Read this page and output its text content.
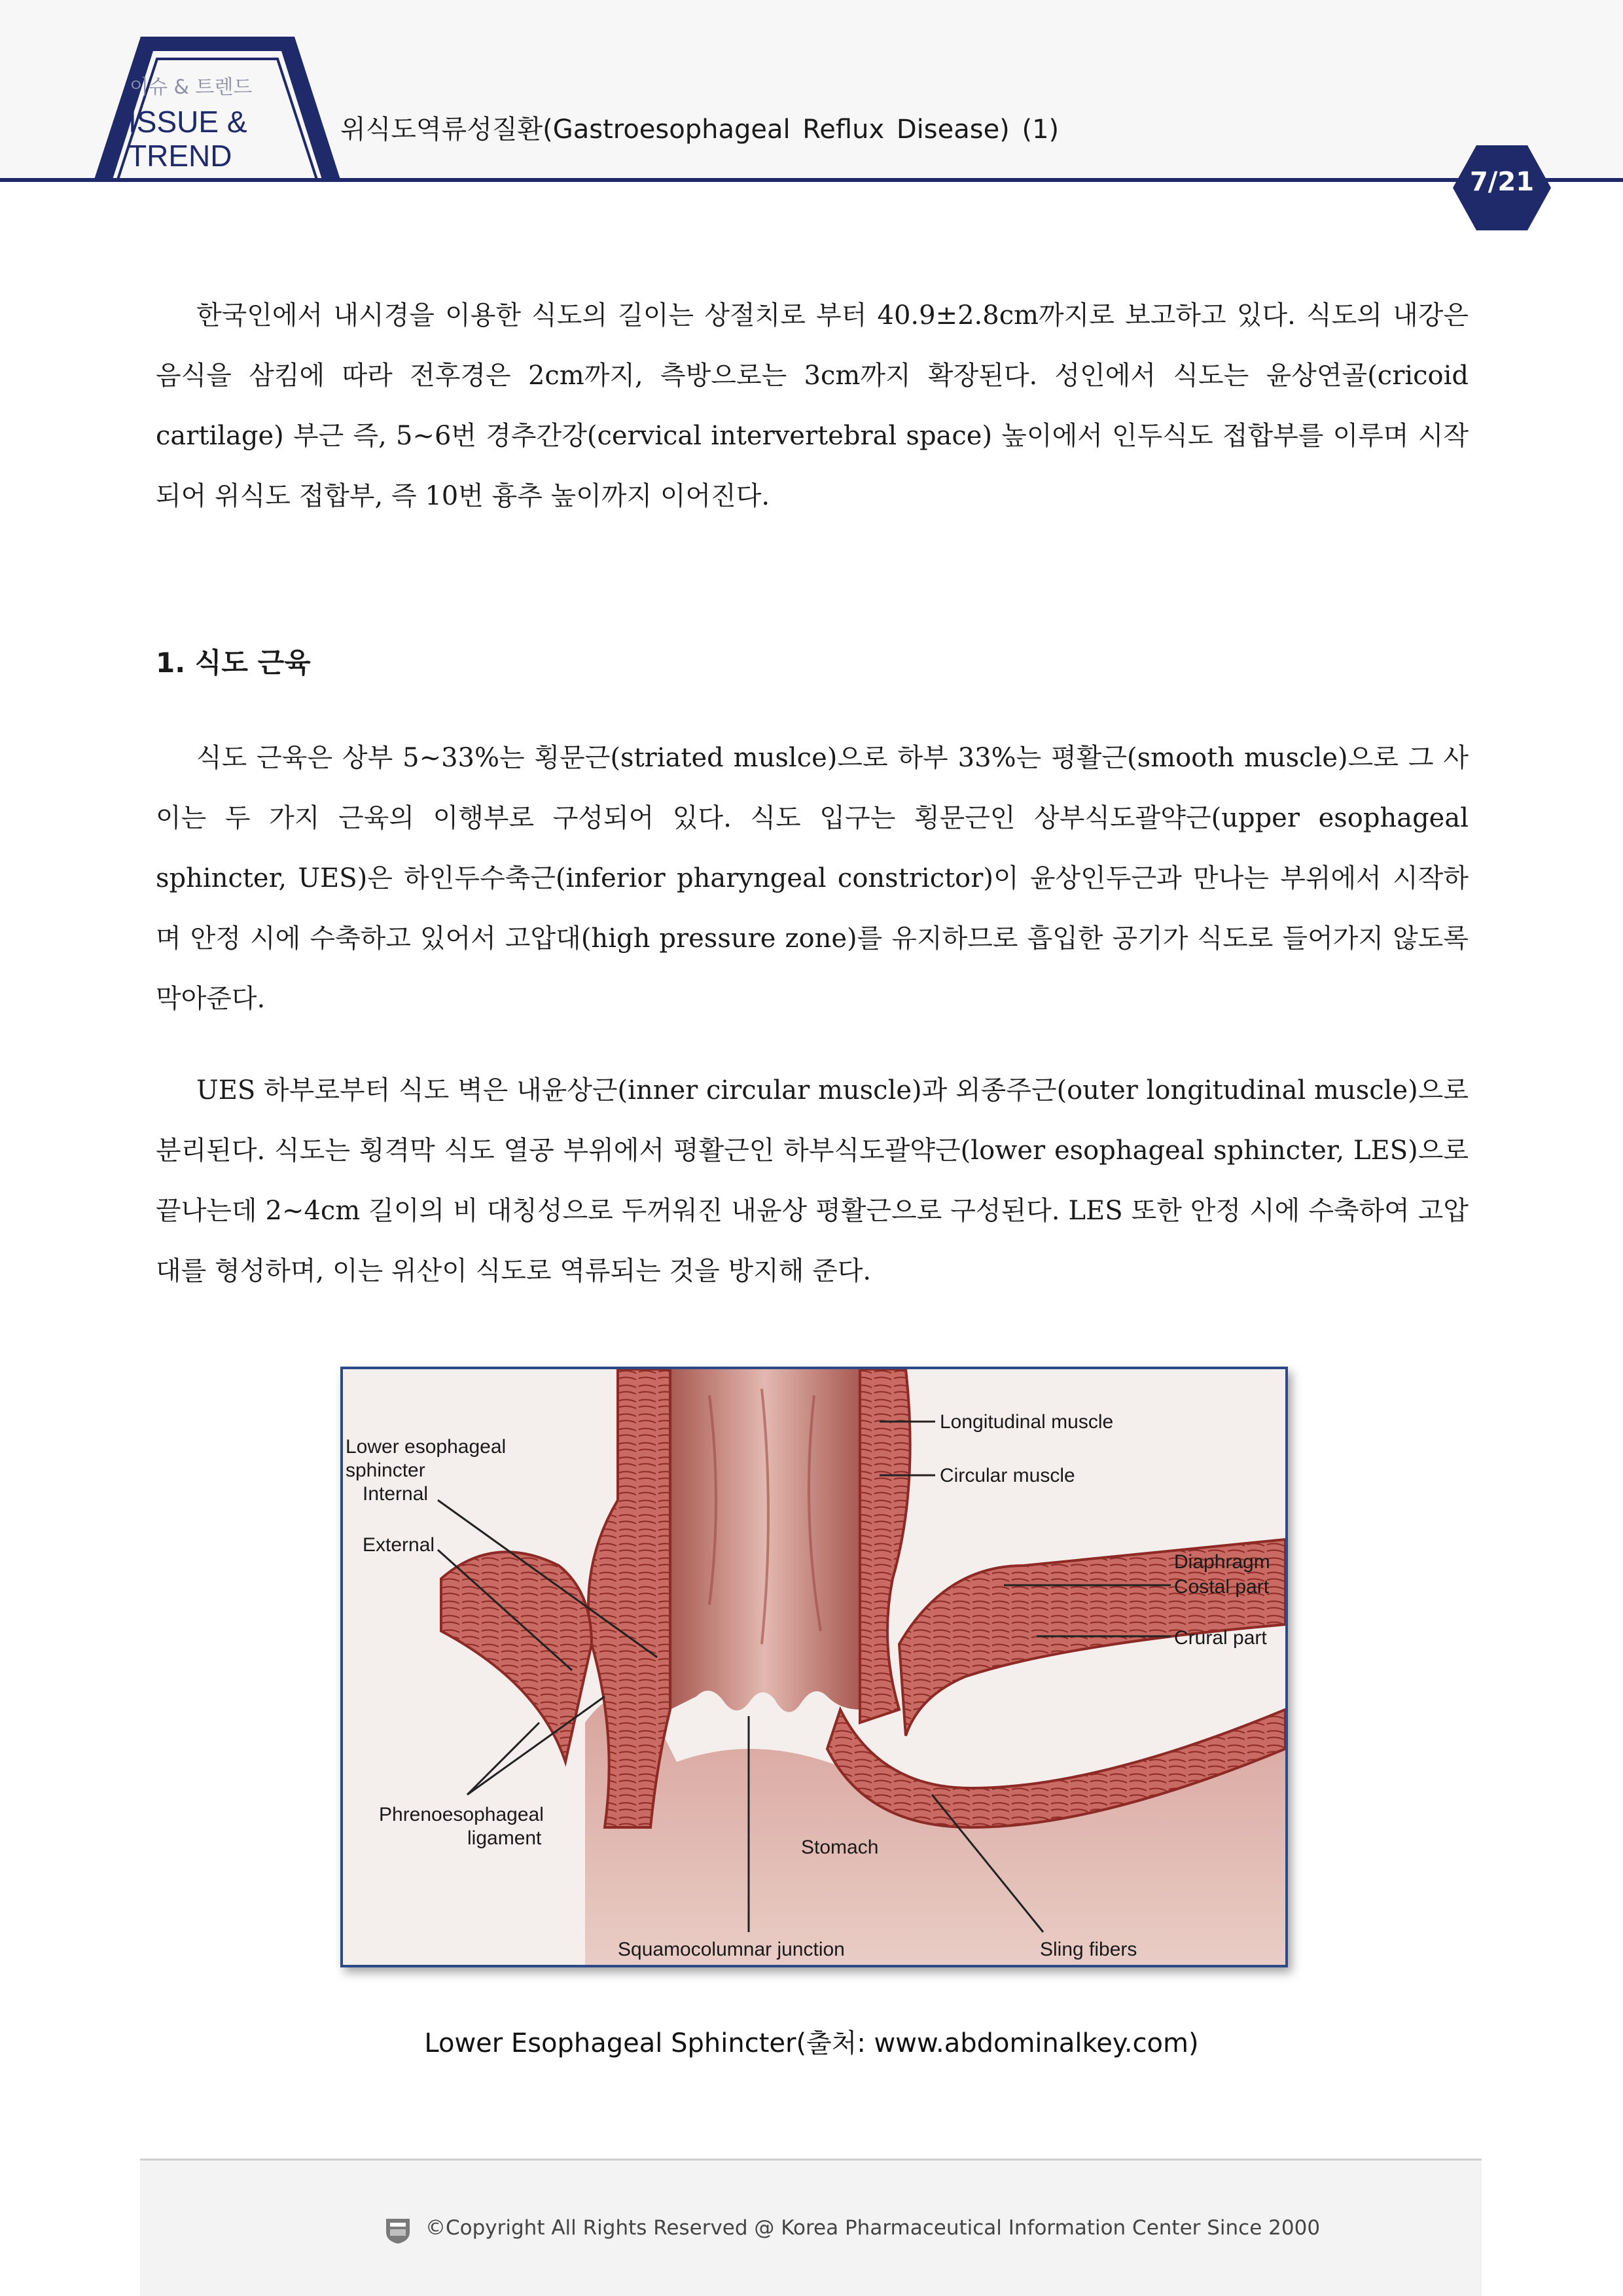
이슈 & 트렌드
ISSUE &
TREND
위식도역류성질환(Gastroesophageal Reflux Disease) (1)
7/21

한국인에서 내시경을 이용한 식도의 길이는 상절치로 부터 40.9±2.8cm까지로 보고하고 있다. 식도의 내강은 음식을 삼킴에 따라 전후경은 2cm까지, 측방으로는 3cm까지 확장된다. 성인에서 식도는 윤상연골(cricoid cartilage) 부근 즉, 5~6번 경추간강(cervical intervertebral space) 높이에서 인두식도 접합부를 이루며 시작되어 위식도 접합부, 즉 10번 흉추 높이까지 이어진다.

1. 식도 근육

식도 근육은 상부 5~33%는 횡문근(striated muslce)으로 하부 33%는 평활근(smooth muscle)으로 그 사이는 두 가지 근육의 이행부로 구성되어 있다. 식도 입구는 횡문근인 상부식도괄약근(upper esophageal sphincter, UES)은 하인두수축근(inferior pharyngeal constrictor)이 윤상인두근과 만나는 부위에서 시작하며 안정 시에 수축하고 있어서 고압대(high pressure zone)를 유지하므로 흡입한 공기가 식도로 들어가지 않도록 막아준다.

UES 하부로부터 식도 벽은 내윤상근(inner circular muscle)과 외종주근(outer longitudinal muscle)으로 분리된다. 식도는 횡격막 식도 열공 부위에서 평활근인 하부식도괄약근(lower esophageal sphincter, LES)으로 끝나는데 2~4cm 길이의 비 대칭성으로 두꺼워진 내윤상 평활근으로 구성된다. LES 또한 안정 시에 수축하여 고압대를 형성하며, 이는 위산이 식도로 역류되는 것을 방지해 준다.

Lower esophageal
sphincter
Internal
External
Phrenoesophageal
ligament
Longitudinal muscle
Circular muscle
Diaphragm
Costal part
Crural part
Stomach
Squamocolumnar junction	Sling fibers
Lower Esophageal Sphincter(출처: www.abdominalkey.com)
©Copyright All Rights Reserved @ Korea Pharmaceutical Information Center Since 2000
